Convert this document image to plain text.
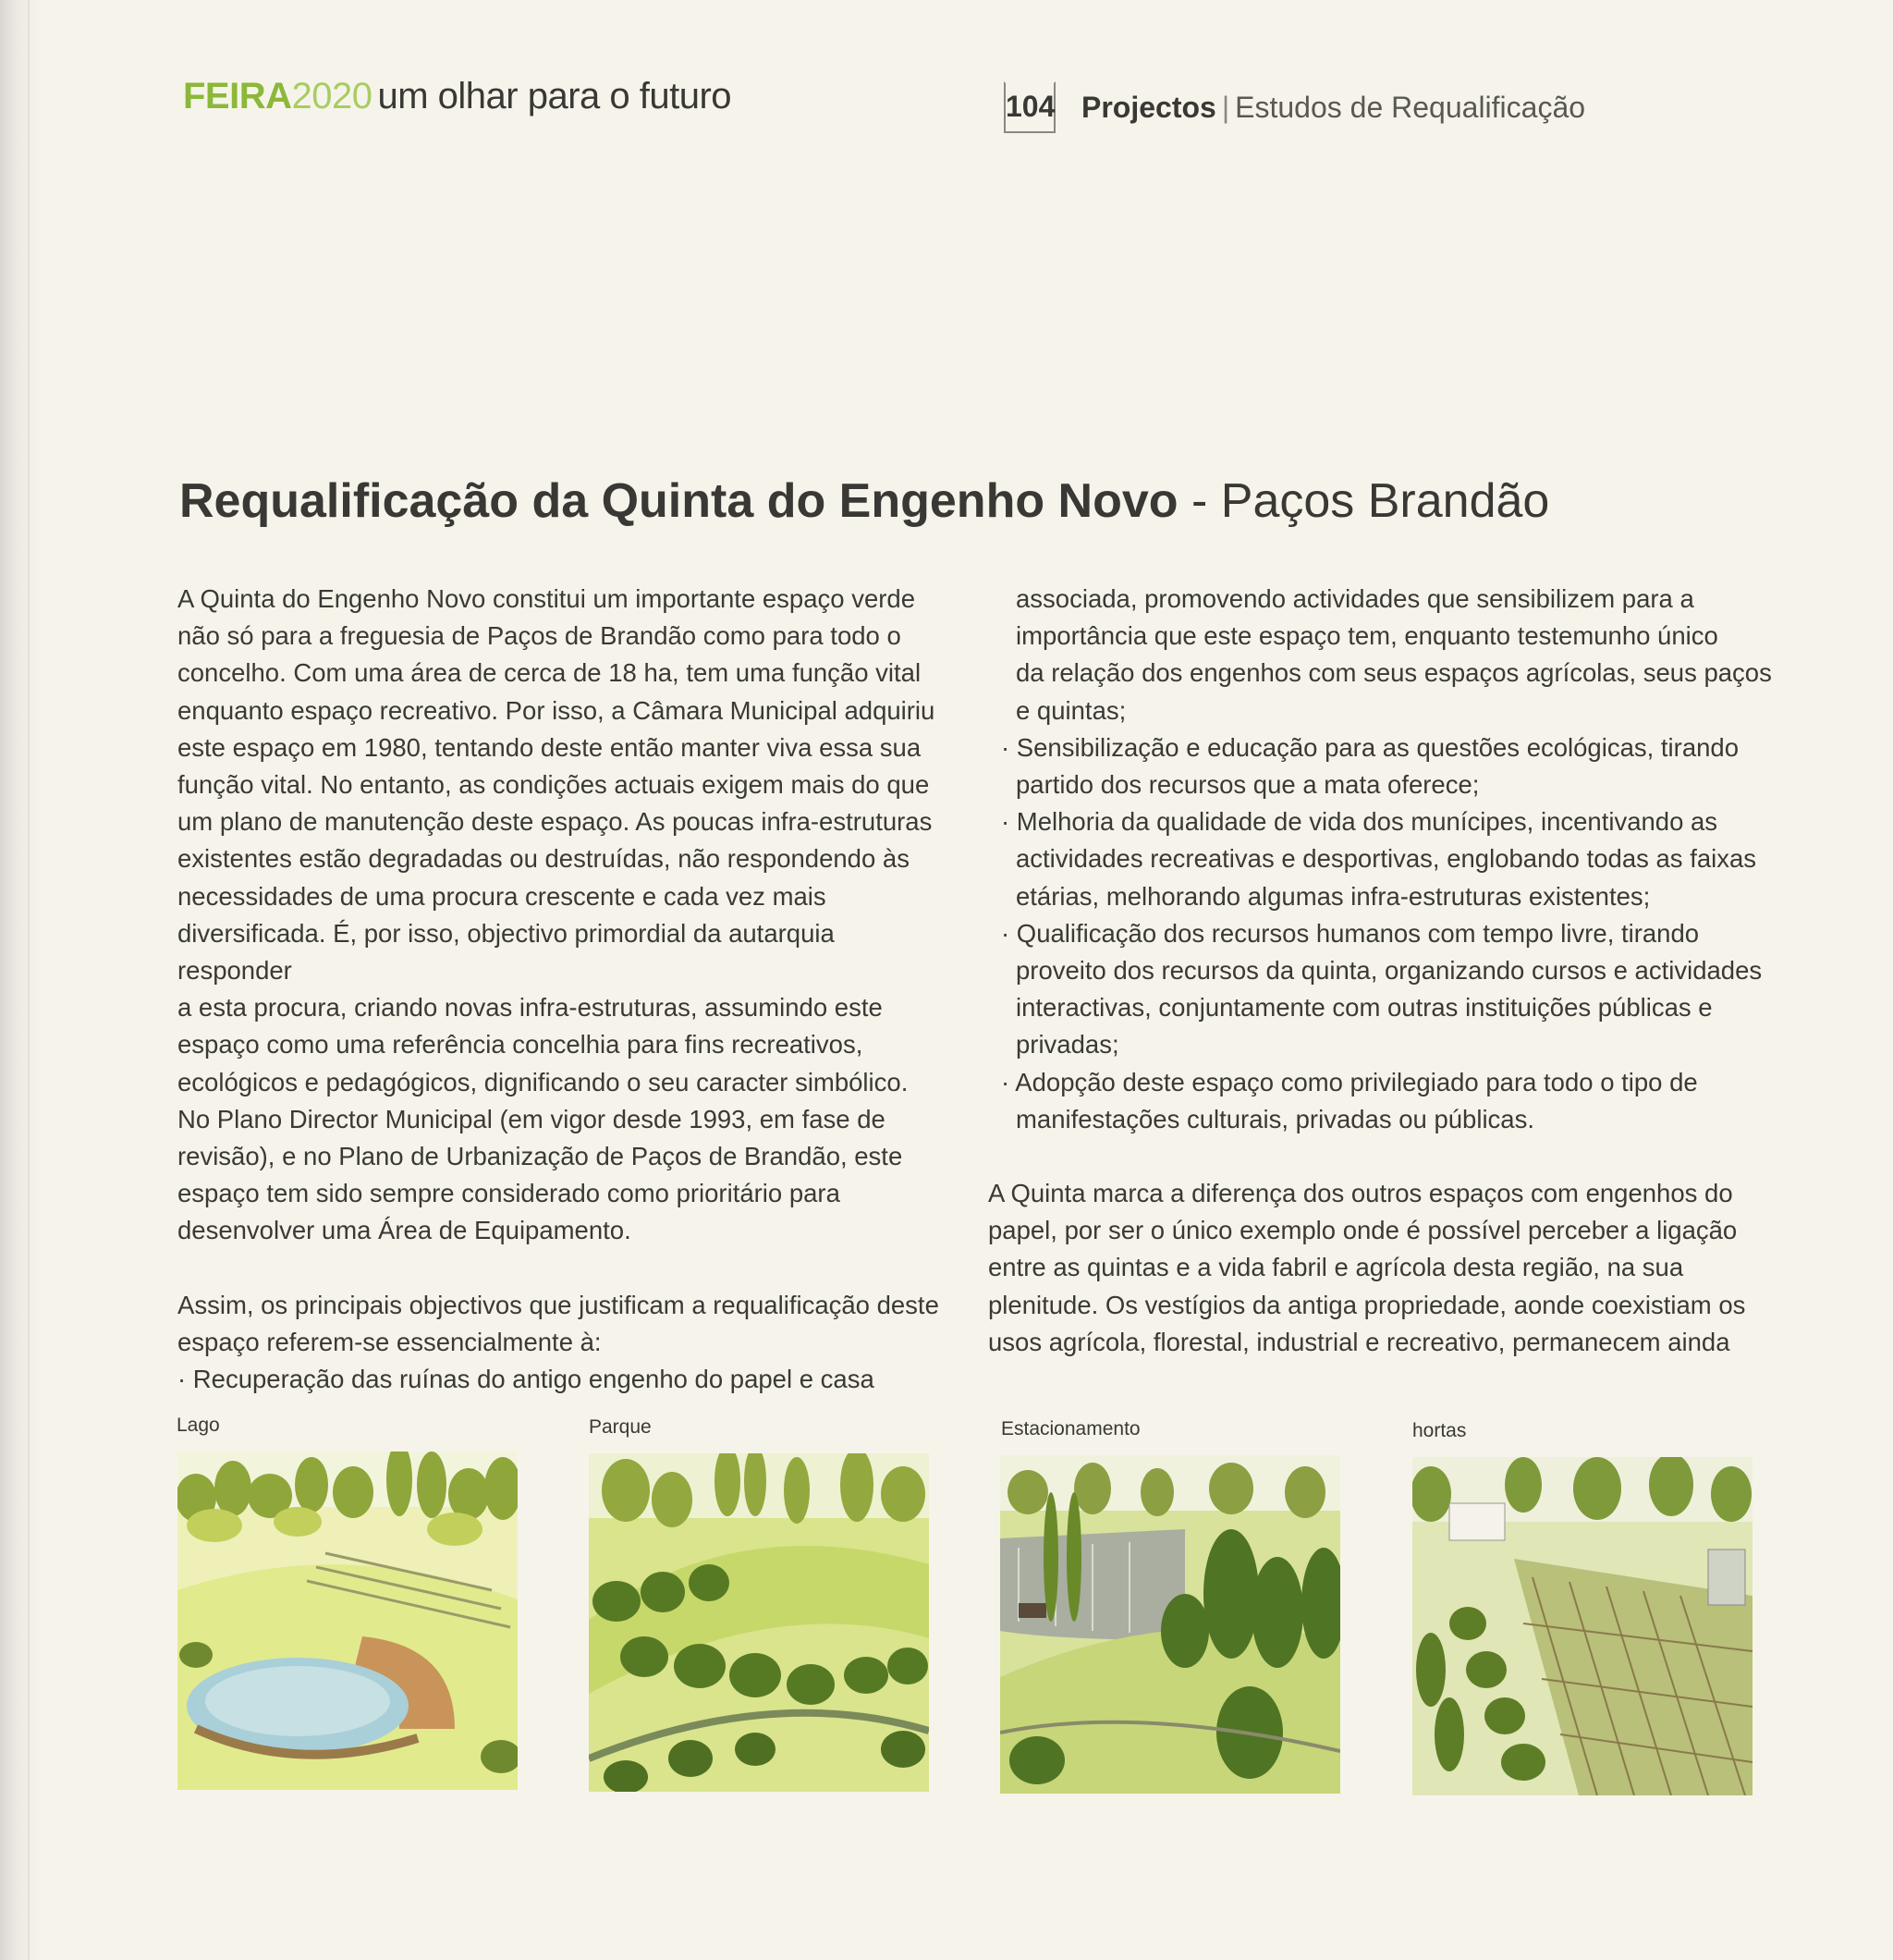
FEIRA2020 um olhar para o futuro	104 Projectos | Estudos de Requalificação
Requalificação da Quinta do Engenho Novo - Paços Brandão

A Quinta do Engenho Novo constitui um importante espaço verde

não só para a freguesia de Paços de Brandão como para todo o

concelho. Com uma área de cerca de 18 ha, tem uma função vital

enquanto espaço recreativo. Por isso, a Câmara Municipal adquiriu

este espaço em 1980, tentando deste então manter viva essa sua

função vital. No entanto, as condições actuais exigem mais do que

um plano de manutenção deste espaço. As poucas infra-estruturas

existentes estão degradadas ou destruídas, não respondendo às

necessidades de uma procura crescente e cada vez mais

diversificada. É, por isso, objectivo primordial da autarquia responder

a esta procura, criando novas infra-estruturas, assumindo este

espaço como uma referência concelhia para fins recreativos,

ecológicos e pedagógicos, dignificando o seu caracter simbólico.

No Plano Director Municipal (em vigor desde 1993, em fase de

revisão), e no Plano de Urbanização de Paços de Brandão, este

espaço tem sido sempre considerado como prioritário para

desenvolver uma Área de Equipamento.

Assim, os principais objectivos que justificam a requalificação deste

espaço referem-se essencialmente à:

· Recuperação das ruínas do antigo engenho do papel e casa

associada, promovendo actividades que sensibilizem para a

importância que este espaço tem, enquanto testemunho único

da relação dos engenhos com seus espaços agrícolas, seus paços

e quintas;

· Sensibilização e educação para as questões ecológicas, tirando

partido dos recursos que a mata oferece;

· Melhoria da qualidade de vida dos munícipes, incentivando as

actividades recreativas e desportivas, englobando todas as faixas

etárias, melhorando algumas infra-estruturas existentes;

· Qualificação dos recursos humanos com tempo livre, tirando

proveito dos recursos da quinta, organizando cursos e actividades

interactivas, conjuntamente com outras instituições públicas e

privadas;

· Adopção deste espaço como privilegiado para todo o tipo de

manifestações culturais, privadas ou públicas.

A Quinta marca a diferença dos outros espaços com engenhos do

papel, por ser o único exemplo onde é possível perceber a ligação

entre as quintas e a vida fabril e agrícola desta região, na sua

plenitude. Os vestígios da antiga propriedade, aonde coexistiam os

usos agrícola, florestal, industrial e recreativo, permanecem ainda

Lago	Parque	Estacionamento	hortas
